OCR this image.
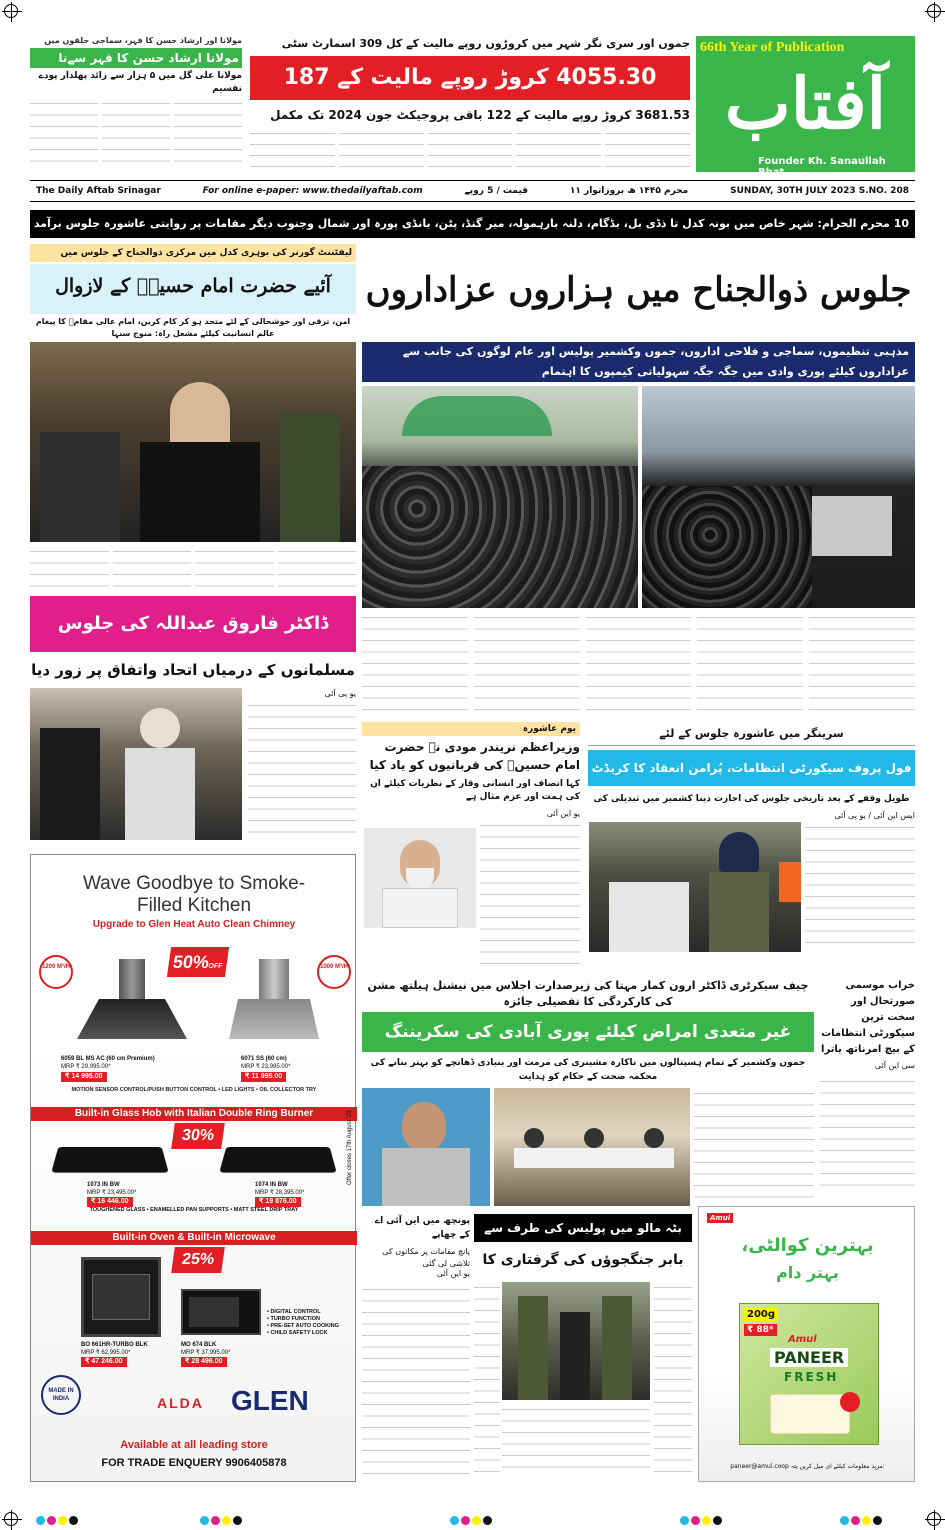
66th Year of Publication
آفتاب
Founder Kh. Sanaullah Bhat
مولانا اور ارشاد حسن کا قہر، سماجی حلقوں میں
مولانا ارشاد حسن کا قہر سےنا
مولانا علی گل میں ۵ ہزار سے زائد پھلدار پودے تقسیم
جموں اور سری نگر شہر میں کروڑوں روپے مالیت کے کل 309 اسمارٹ سٹی
4055.30 کروڑ روپے مالیت کے 187
3681.53 کروڑ روپے مالیت کے 122 باقی پروجیکٹ جون 2024 تک مکمل
The Daily Aftab Srinagar	For online e-paper: www.thedailyaftab.com	قیمت / 5 روپے	۱۱ محرم ۱۴۴۵ ھ بروزاتوار	SUNDAY, 30TH JULY 2023 S.NO. 208
10 محرم الحرام: شہر خاص میں بونہ کدل تا ذڈی بل، بڈگام، دلنہ بارہمولہ، میر گنڈ، پٹن، بانڈی پورہ اور شمال وجنوب دیگر مقامات پر روایتی عاشورہ جلوس برآمد
جلوس ذوالجناح میں ہزاروں عزاداروں
مذہبی تنظیموں، سماجی و فلاحی اداروں، جموں وکشمیر پولیس اور عام لوگوں کی جانب سے عزاداروں کیلئے پوری وادی میں جگہ جگہ سہولیاتی کیمپوں کا اہتمام
لیفٹننٹ گورنر کی بوہری کدل میں مرکزی ذوالجناح کے جلوس میں
آئیے حضرت امام حسینؑ کے لازوال
امن، ترقی اور خوشحالی کے لئے متحد ہو کر کام کریں، امام عالی مقامؑ کا پیغام عالم انسانیت کیلئے مشعل راہ: منوج سنہا
ڈاکٹر فاروق عبداللہ کی جلوس
مسلمانوں کے درمیاں اتحاد واتفاق پر زور دیا
یو پی آئی
یوم عاشورہ
وزیراعظم نریندر مودی نے حضرت امام حسینؑ کی قربانیوں کو یاد کیا
کہا انصاف اور انسانی وقار کے نظریات کیلئے ان کی ہمت اور عزم مثال ہے
یو این آئی
سرینگر میں عاشورہ جلوس کے لئے
فول پروف سیکورٹی انتظامات، پُرامن انعقاد کا کریڈٹ
طویل وقفے کے بعد تاریخی جلوس کی اجازت دینا کشمیر میں تبدیلی کی
ایس این آئی / یو پی آئی
Wave Goodbye to Smoke-Filled Kitchen
Upgrade to Glen Heat Auto Clean Chimney
1200 M³/H	1000 M³/H
50%OFF
6059 BL MS AC (60 cm Premium)
MRP ₹ 29,995.00*
₹ 14 995.00
6071 SS (60 cm)
MRP ₹ 23,995.00*
₹ 11 995.00
MOTION SENSOR CONTROL/PUSH BUTTON CONTROL • LED LIGHTS • OIL COLLECTOR TRY
Built-in Glass Hob with Italian Double Ring Burner
30%
1073 IN BW
MRP ₹ 23,495.00*
₹ 16 446.00
1074 IN BW
MRP ₹ 28,395.00*
₹ 19 876.00
TOUGHENED GLASS • ENAMELLED PAN SUPPORTS • MATT STEEL DRIP TRAY
Built-in Oven & Built-in Microwave
25%
• DIGITAL CONTROL
• TURBO FUNCTION
• PRE-SET AUTO COOKING
• CHILD SAFETY LOCK
BO 661HR-TURBO BLK
MRP ₹ 62,995.00*
₹ 47 246.00
MO 674 BLK
MRP ₹ 37,995.00*
₹ 28 496.00
Offer closes 17th August '23
MADE IN INDIA	ALDA GLEN
Available at all leading store
FOR TRADE ENQUERY 9906405878
خراب موسمی صورتحال اور سخت ترین سیکورٹی انتظامات کے بیچ امرناتھ یاترا
سی این آئی
چیف سیکرٹری ڈاکٹر ارون کمار مہتا کی زیرصدارت اجلاس میں نیشنل ہیلتھ مشن کی کارکردگی کا تفصیلی جائزہ
غیر متعدی امراض کیلئے پوری آبادی کی سکریننگ
جموں وکشمیر کے تمام ہسپتالوں میں ناکارہ مشینری کی مرمت اور بنیادی ڈھانچے کو بہتر بنانے کی محکمہ صحت کے حکام کو ہدایت
بٹہ مالو میں پولیس کی طرف سے
پونچھ میں این آئی اے کے چھاپے
پانچ مقامات پر مکانوں کی تلاشی لی گئی	بابر جنگجوؤں کی گرفتاری کا
یو این آئی
Amul
بہترین کوالٹی،
بہتر دام
200g
₹ 88*
Amul
PANEER
FRESH
paneer@amul.coop مزید معلومات کیلئے ای میل کریں پتہ:
